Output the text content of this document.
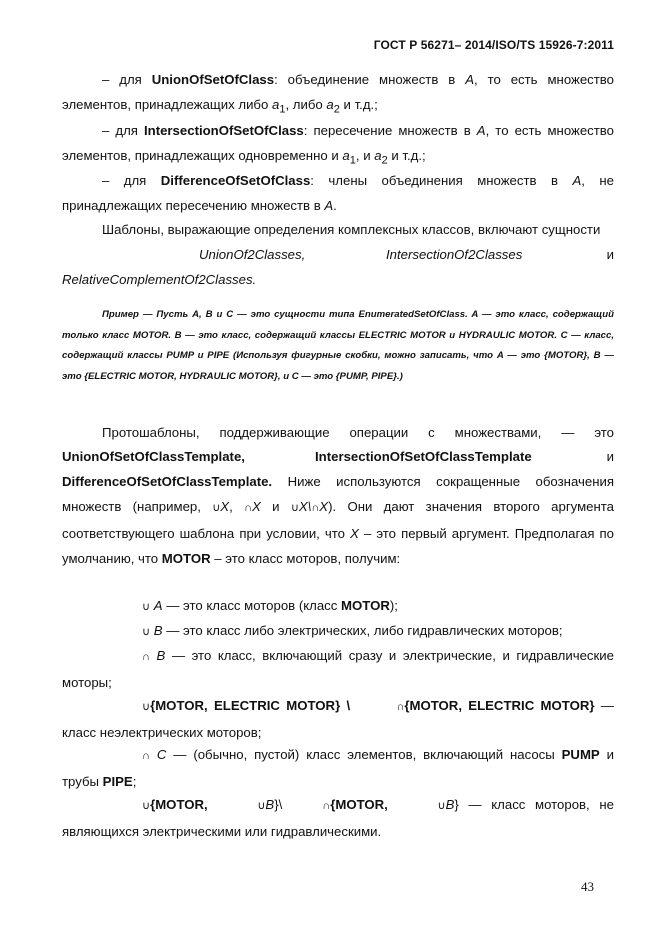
ГОСТ Р 56271– 2014/ISO/TS 15926-7:2011

– для UnionOfSetOfClass: объединение множеств в A, то есть множество элементов, принадлежащих либо $a_1$, либо $a_2$ и т.д.;

– для IntersectionOfSetOfClass: пересечение множеств в A, то есть множество элементов, принадлежащих одновременно и $a_1$, и $a_2$ и т.д.;

– для DifferenceOfSetOfClass: члены объединения множеств в A, не принадлежащих пересечению множеств в A.

Шаблоны, выражающие определения комплексных классов, включают сущности

UnionOf2Classes,	IntersectionOf2Classes	и

RelativeComplementOf2Classes.

Пример — Пусть A, B и C — это сущности типа EnumeratedSetOfClass. A — это класс, содержащий только класс MOTOR. B — это класс, содержащий классы ELECTRIC MOTOR и HYDRAULIC MOTOR. C — класс, содержащий классы PUMP и PIPE (Используя фигурные скобки, можно записать, что A — это {MOTOR}, B — это {ELECTRIC MOTOR, HYDRAULIC MOTOR}, и C — это {PUMP, PIPE}.)

Протошаблоны, поддерживающие операции с множествами, — это

UnionOfSetOfClassTemplate,	IntersectionOfSetOfClassTemplate	и

DifferenceOfSetOfClassTemplate. Ниже используются сокращенные обозначения множеств (например, ∪X, ∩X и ∪X\∩X). Они дают значения второго аргумента соответствующего шаблона при условии, что X – это первый аргумент. Предполагая по умолчанию, что MOTOR – это класс моторов, получим:

∪ A — это класс моторов (класс MOTOR);

∪ B — это класс либо электрических, либо гидравлических моторов;

∩ B — это класс, включающий сразу и электрические, и гидравлические моторы;

∪{MOTOR, ELECTRIC MOTOR} \	∩{MOTOR, ELECTRIC MOTOR} — класс неэлектрических моторов;

∩ C — (обычно, пустой) класс элементов, включающий насосы PUMP и трубы PIPE;

∪{MOTOR,	∪B}\	∩{MOTOR,	∪B} — класс моторов, не являющихся электрическими или гидравлическими.

43
